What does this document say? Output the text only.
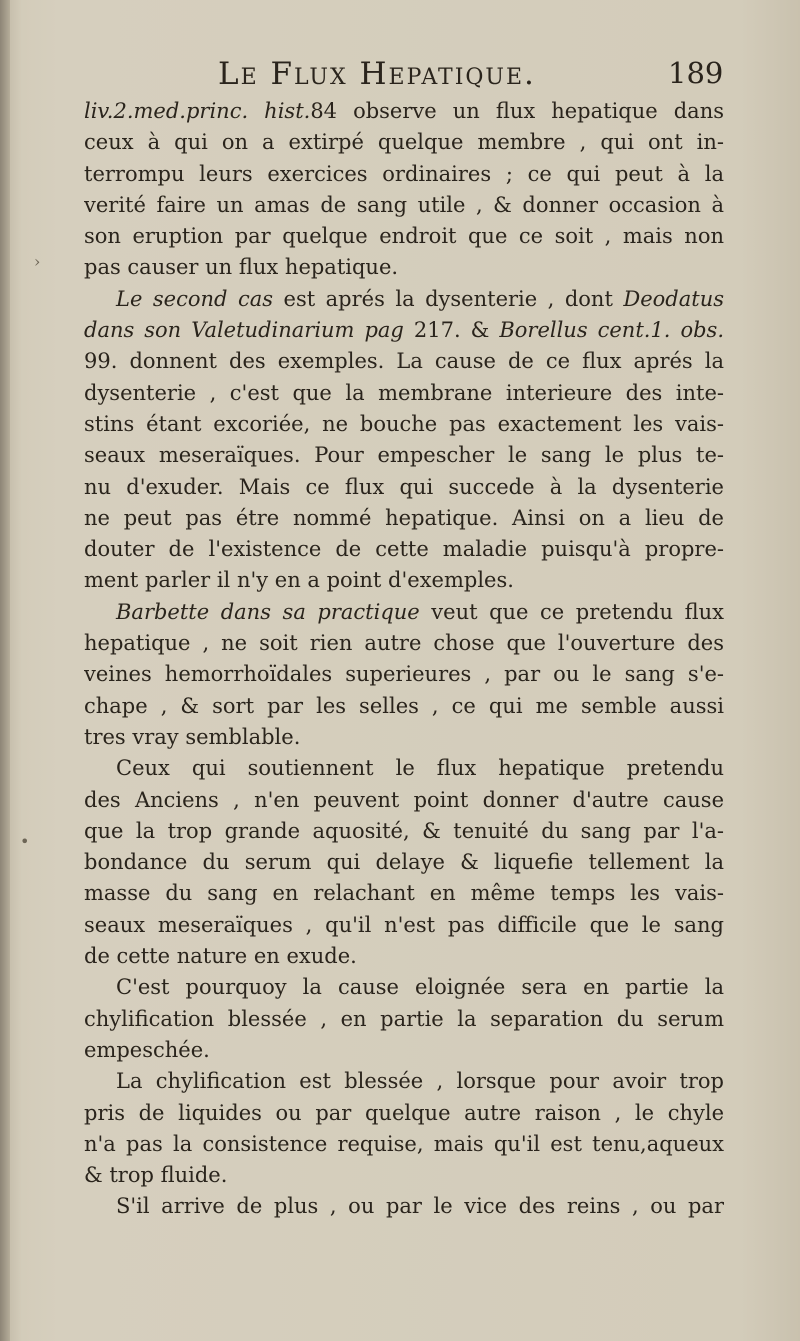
Le Flux Hepatique.	189
liv.2.med.princ. hist.84 observe un flux hepatique dans
ceux à qui on a extirpé quelque membre , qui ont in-
terrompu leurs exercices ordinaires ; ce qui peut à la
verité faire un amas de sang utile , & donner occasion à
son eruption par quelque endroit que ce soit , mais non
pas causer un flux hepatique.
Le second cas est aprés la dysenterie , dont Deodatus
dans son Valetudinarium pag 217. & Borellus cent.1. obs.
99. donnent des exemples. La cause de ce flux aprés la
dysenterie , c'est que la membrane interieure des inte-
stins étant excoriée, ne bouche pas exactement les vais-
seaux meseraïques. Pour empescher le sang le plus te-
nu d'exuder. Mais ce flux qui succede à la dysenterie
ne peut pas étre nommé hepatique. Ainsi on a lieu de
douter de l'existence de cette maladie puisqu'à propre-
ment parler il n'y en a point d'exemples.
Barbette dans sa practique veut que ce pretendu flux
hepatique , ne soit rien autre chose que l'ouverture des
veines hemorrhoïdales superieures , par ou le sang s'e-
chape , & sort par les selles , ce qui me semble aussi
tres vray semblable.
Ceux qui soutiennent le flux hepatique pretendu
des Anciens , n'en peuvent point donner d'autre cause
que la trop grande aquosité, & tenuité du sang par l'a-
bondance du serum qui delaye & liquefie tellement la
masse du sang en relachant en même temps les vais-
seaux meseraïques , qu'il n'est pas difficile que le sang
de cette nature en exude.
C'est pourquoy la cause eloignée sera en partie la
chylification blessée , en partie la separation du serum
empeschée.
La chylification est blessée , lorsque pour avoir trop
pris de liquides ou par quelque autre raison , le chyle
n'a pas la consistence requise, mais qu'il est tenu,aqueux
& trop fluide.
S'il arrive de plus , ou par le vice des reins , ou par
›
•
